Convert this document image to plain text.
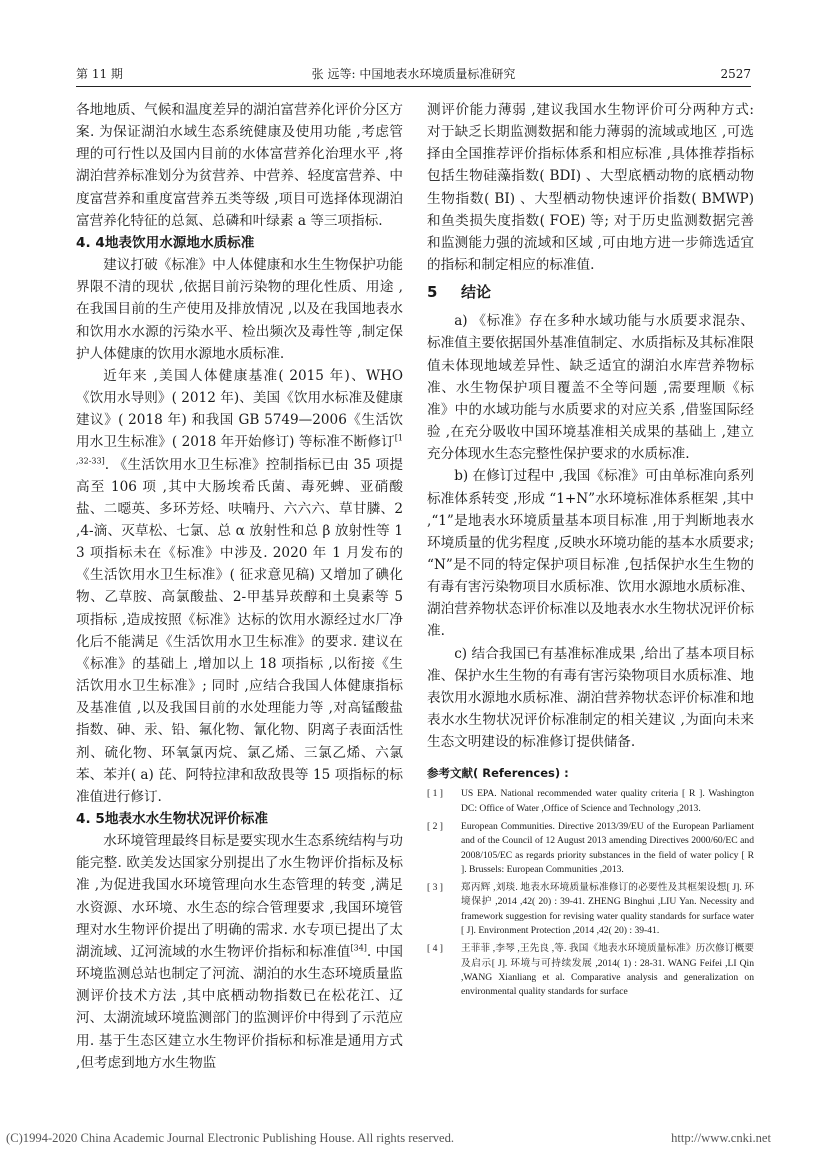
第 11 期	张 远等: 中国地表水环境质量标准研究	2527

各地地质、气候和温度差异的湖泊富营养化评价分区方案. 为保证湖泊水域生态系统健康及使用功能 ,考虑管理的可行性以及国内目前的水体富营养化治理水平 ,将湖泊营养标准划分为贫营养、中营养、轻度富营养、中度富营养和重度富营养五类等级 ,项目可选择体现湖泊富营养化特征的总氮、总磷和叶绿素 a 等三项指标.

4. 4地表饮用水源地水质标准

建议打破《标准》中人体健康和水生生物保护功能界限不清的现状 ,依据目前污染物的理化性质、用途 ,在我国目前的生产使用及排放情况 ,以及在我国地表水和饮用水水源的污染水平、检出频次及毒性等 ,制定保护人体健康的饮用水源地水质标准.

近年来 ,美国人体健康基准( 2015 年)、WHO《饮用水导则》( 2012 年)、美国《饮用水标准及健康建议》( 2018 年) 和我国 GB 5749—2006《生活饮用水卫生标准》( 2018 年开始修订) 等标准不断修订[1 ,32-33]. 《生活饮用水卫生标准》控制指标已由 35 项提高至 106 项 ,其中大肠埃希氏菌、毒死蜱、亚硝酸盐、二噁英、多环芳烃、呋喃丹、六六六、草甘膦、2 ,4-滴、灭草松、七氯、总 α 放射性和总 β 放射性等 13 项指标未在《标准》中涉及. 2020 年 1 月发布的《生活饮用水卫生标准》( 征求意见稿) 又增加了碘化物、乙草胺、高氯酸盐、2-甲基异莰醇和土臭素等 5 项指标 ,造成按照《标准》达标的饮用水源经过水厂净化后不能满足《生活饮用水卫生标准》的要求. 建议在《标准》的基础上 ,增加以上 18 项指标 ,以衔接《生活饮用水卫生标准》; 同时 ,应结合我国人体健康指标及基准值 ,以及我国目前的水处理能力等 ,对高锰酸盐指数、砷、汞、铅、氟化物、氰化物、阴离子表面活性剂、硫化物、环氧氯丙烷、氯乙烯、三氯乙烯、六氯苯、苯并( a) 芘、阿特拉津和敌敌畏等 15 项指标的标准值进行修订.

4. 5地表水水生物状况评价标准

水环境管理最终目标是要实现水生态系统结构与功能完整. 欧美发达国家分别提出了水生物评价指标及标准 ,为促进我国水环境管理向水生态管理的转变 ,满足水资源、水环境、水生态的综合管理要求 ,我国环境管理对水生物评价提出了明确的需求. 水专项已提出了太湖流域、辽河流域的水生物评价指标和标准值[34]. 中国环境监测总站也制定了河流、湖泊的水生态环境质量监测评价技术方法 ,其中底栖动物指数已在松花江、辽河、太湖流域环境监测部门的监测评价中得到了示范应用. 基于生态区建立水生物评价指标和标准是通用方式 ,但考虑到地方水生物监

测评价能力薄弱 ,建议我国水生物评价可分两种方式: 对于缺乏长期监测数据和能力薄弱的流域或地区 ,可选择由全国推荐评价指标体系和相应标准 ,具体推荐指标包括生物硅藻指数( BDI) 、大型底栖动物的底栖动物生物指数( BI) 、大型栖动物快速评价指数( BMWP) 和鱼类损失度指数( FOE) 等; 对于历史监测数据完善和监测能力强的流域和区域 ,可由地方进一步筛选适宜的指标和制定相应的标准值.

5 结论

a) 《标准》存在多种水域功能与水质要求混杂、标准值主要依据国外基准值制定、水质指标及其标准限值未体现地域差异性、缺乏适宜的湖泊水库营养物标准、水生物保护项目覆盖不全等问题 ,需要理顺《标准》中的水域功能与水质要求的对应关系 ,借鉴国际经验 ,在充分吸收中国环境基准相关成果的基础上 ,建立充分体现水生态完整性保护要求的水质标准.

b) 在修订过程中 ,我国《标准》可由单标准向系列标准体系转变 ,形成 “1+N”水环境标准体系框架 ,其中 ,“1”是地表水环境质量基本项目标准 ,用于判断地表水环境质量的优劣程度 ,反映水环境功能的基本水质要求; “N”是不同的特定保护项目标准 ,包括保护水生生物的有毒有害污染物项目水质标准、饮用水源地水质标准、湖泊营养物状态评价标准以及地表水水生物状况评价标准.

c) 结合我国已有基准标准成果 ,给出了基本项目标准、保护水生生物的有毒有害污染物项目水质标准、地表饮用水源地水质标准、湖泊营养物状态评价标准和地表水水生物状况评价标准制定的相关建议 ,为面向未来生态文明建设的标准修订提供储备.

参考文献( References) :
[ 1 ]	US EPA. National recommended water quality criteria [ R ]. Washington DC: Office of Water ,Office of Science and Technology ,2013.
[ 2 ]	European Communities. Directive 2013/39/EU of the European Parliament and of the Council of 12 August 2013 amending Directives 2000/60/EC and 2008/105/EC as regards priority substances in the field of water policy [ R ]. Brussels: European Communities ,2013.
[ 3 ]	郑丙辉 ,刘琰. 地表水环境质量标准修订的必要性及其框架设想[ J]. 环境保护 ,2014 ,42( 20) : 39-41. ZHENG Binghui ,LIU Yan. Necessity and framework suggestion for revising water quality standards for surface water [ J]. Environment Protection ,2014 ,42( 20) : 39-41.
[ 4 ]	王菲菲 ,李琴 ,王先良 ,等. 我国《地表水环境质量标准》历次修订概要及启示[ J]. 环境与可持续发展 ,2014( 1) : 28-31. WANG Feifei ,LI Qin ,WANG Xianliang et al. Comparative analysis and generalization on environmental quality standards for surface
(C)1994-2020 China Academic Journal Electronic Publishing House. All rights reserved.	http://www.cnki.net
